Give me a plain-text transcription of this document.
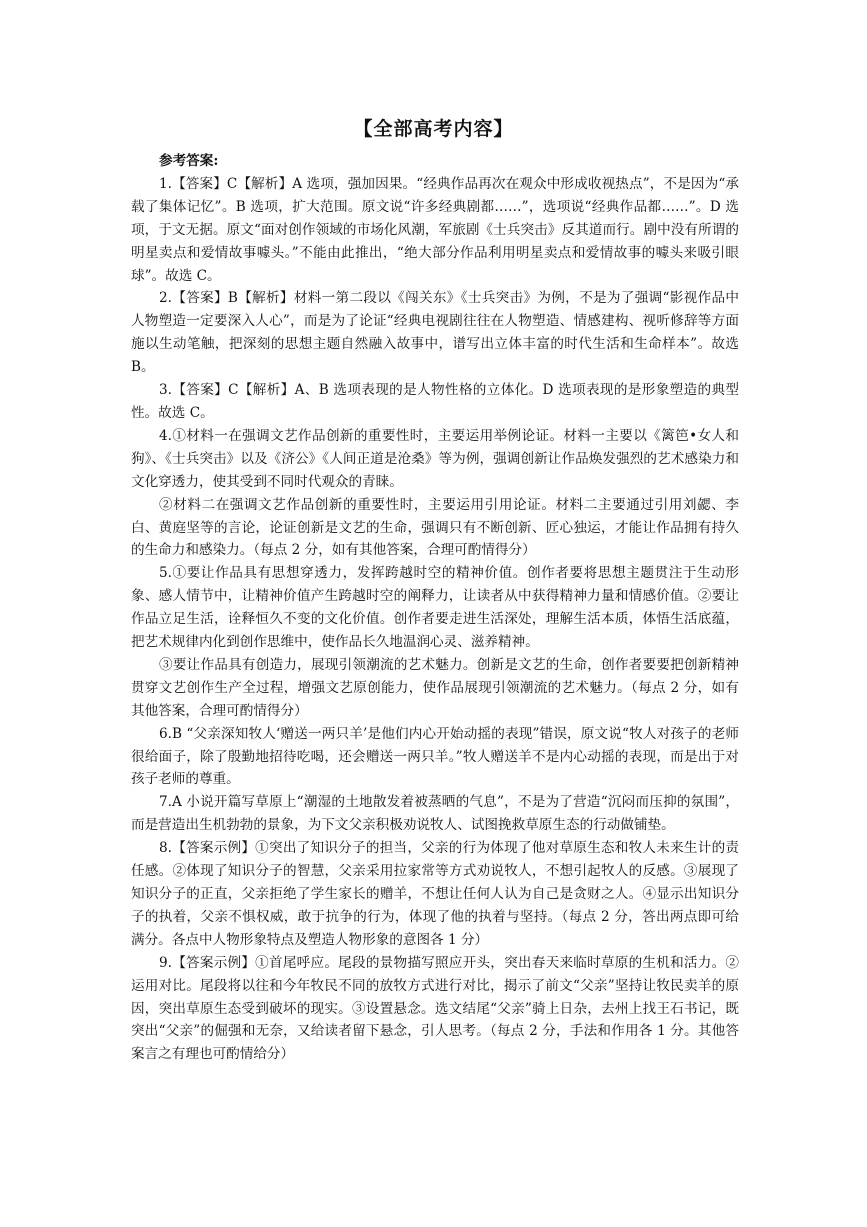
【全部高考内容】

参考答案:

1.【答案】C【解析】A 选项，强加因果。“经典作品再次在观众中形成收视热点”，不是因为“承载了集体记忆”。B 选项，扩大范围。原文说“许多经典剧都……”，选项说“经典作品都……”。D 选项，于文无据。原文“面对创作领域的市场化风潮，军旅剧《士兵突击》反其道而行。剧中没有所谓的明星卖点和爱情故事噱头。”不能由此推出，“绝大部分作品利用明星卖点和爱情故事的噱头来吸引眼球”。故选 C。

2.【答案】B【解析】材料一第二段以《闯关东》《士兵突击》为例，不是为了强调“影视作品中人物塑造一定要深入人心”，而是为了论证“经典电视剧往往在人物塑造、情感建构、视听修辞等方面施以生动笔触，把深刻的思想主题自然融入故事中，谱写出立体丰富的时代生活和生命样本”。故选 B。

3.【答案】C【解析】A、B 选项表现的是人物性格的立体化。D 选项表现的是形象塑造的典型性。故选 C。

4.①材料一在强调文艺作品创新的重要性时，主要运用举例论证。材料一主要以《篱笆•女人和狗》、《士兵突击》以及《济公》《人间正道是沧桑》等为例，强调创新让作品焕发强烈的艺术感染力和文化穿透力，使其受到不同时代观众的青睐。

②材料二在强调文艺作品创新的重要性时，主要运用引用论证。材料二主要通过引用刘勰、李白、黄庭坚等的言论，论证创新是文艺的生命，强调只有不断创新、匠心独运，才能让作品拥有持久的生命力和感染力。（每点 2 分，如有其他答案，合理可酌情得分）

5.①要让作品具有思想穿透力，发挥跨越时空的精神价值。创作者要将思想主题贯注于生动形象、感人情节中，让精神价值产生跨越时空的阐释力，让读者从中获得精神力量和情感价值。②要让作品立足生活，诠释恒久不变的文化价值。创作者要走进生活深处，理解生活本质，体悟生活底蕴，把艺术规律内化到创作思维中，使作品长久地温润心灵、滋养精神。

③要让作品具有创造力，展现引领潮流的艺术魅力。创新是文艺的生命，创作者要要把创新精神贯穿文艺创作生产全过程，增强文艺原创能力，使作品展现引领潮流的艺术魅力。（每点 2 分，如有其他答案，合理可酌情得分）

6.B “父亲深知牧人‘赠送一两只羊’是他们内心开始动摇的表现”错误，原文说“牧人对孩子的老师很给面子，除了殷勤地招待吃喝，还会赠送一两只羊。”牧人赠送羊不是内心动摇的表现，而是出于对孩子老师的尊重。

7.A 小说开篇写草原上“潮湿的土地散发着被蒸晒的气息”，不是为了营造“沉闷而压抑的氛围”，而是营造出生机勃勃的景象，为下文父亲积极劝说牧人、试图挽救草原生态的行动做铺垫。

8.【答案示例】①突出了知识分子的担当，父亲的行为体现了他对草原生态和牧人未来生计的责任感。②体现了知识分子的智慧，父亲采用拉家常等方式劝说牧人，不想引起牧人的反感。③展现了知识分子的正直，父亲拒绝了学生家长的赠羊，不想让任何人认为自己是贪财之人。④显示出知识分子的执着，父亲不惧权威，敢于抗争的行为，体现了他的执着与坚持。（每点 2 分，答出两点即可给满分。各点中人物形象特点及塑造人物形象的意图各 1 分）

9.【答案示例】①首尾呼应。尾段的景物描写照应开头，突出春天来临时草原的生机和活力。②运用对比。尾段将以往和今年牧民不同的放牧方式进行对比，揭示了前文“父亲”坚持让牧民卖羊的原因，突出草原生态受到破坏的现实。③设置悬念。选文结尾“父亲”骑上日杂，去州上找王石书记，既突出“父亲”的倔强和无奈，又给读者留下悬念，引人思考。（每点 2 分，手法和作用各 1 分。其他答案言之有理也可酌情给分）
